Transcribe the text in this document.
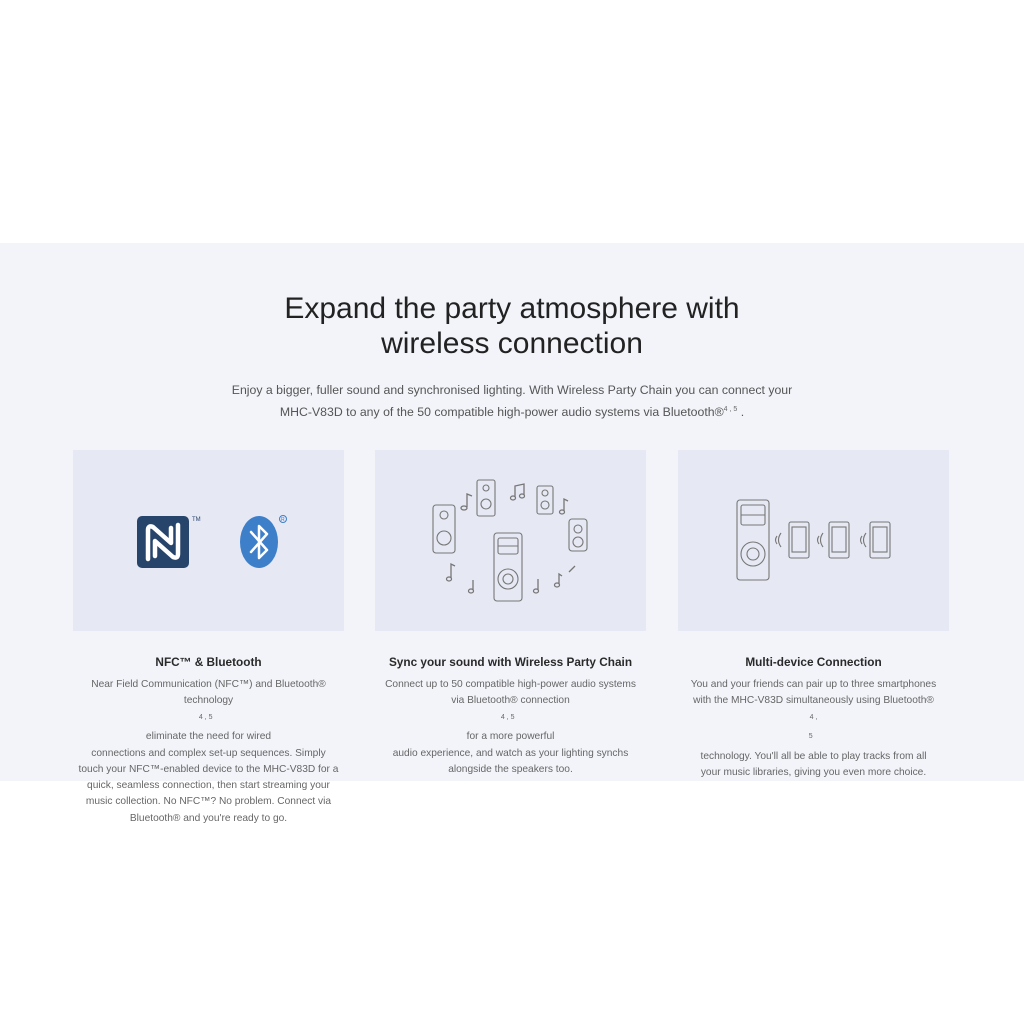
Expand the party atmosphere with
wireless connection

Enjoy a bigger, fuller sound and synchronised lighting. With Wireless Party Chain you can connect your
MHC-V83D to any of the 50 compatible high-power audio systems via Bluetooth®$^{4 , 5}$ .

TM	R

NFC™ & Bluetooth

Near Field Communication (NFC™) and Bluetooth®
technology
$^{4 , 5}$
eliminate the need for wired
connections and complex set-up sequences. Simply
touch your NFC™-enabled device to the MHC-V83D for a
quick, seamless connection, then start streaming your
music collection. No NFC™? No problem. Connect via
Bluetooth® and you're ready to go.

Sync your sound with Wireless Party Chain

Connect up to 50 compatible high-power audio systems
via Bluetooth® connection
$^{4 , 5}$
for a more powerful
audio experience, and watch as your lighting synchs
alongside the speakers too.

Multi-device Connection

You and your friends can pair up to three smartphones
with the MHC-V83D simultaneously using Bluetooth®
$^{4 ,}$
$^5$
technology. You'll all be able to play tracks from all
your music libraries, giving you even more choice.
